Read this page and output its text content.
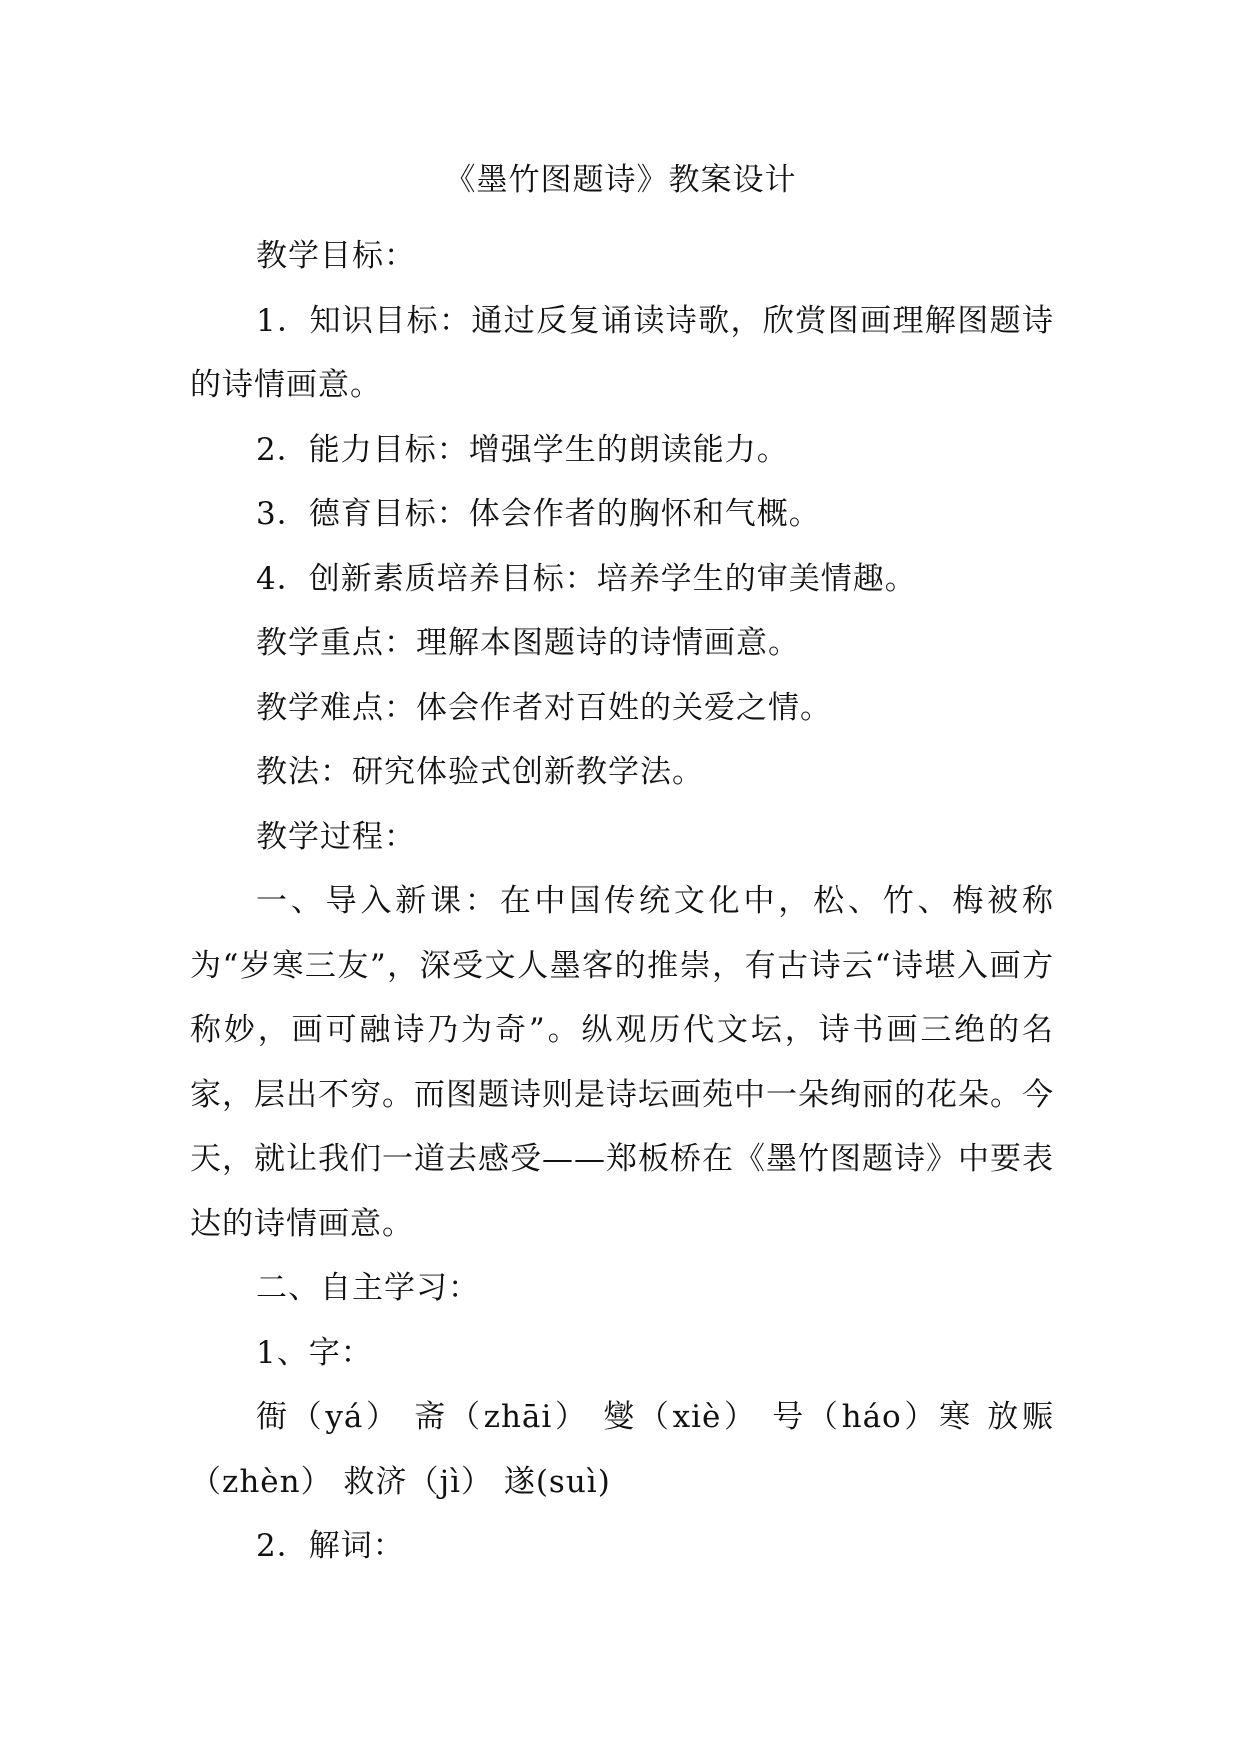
《墨竹图题诗》教案设计

教学目标：

1．知识目标：通过反复诵读诗歌，欣赏图画理解图题诗的诗情画意。

2．能力目标：增强学生的朗读能力。

3．德育目标：体会作者的胸怀和气概。

4．创新素质培养目标：培养学生的审美情趣。

教学重点：理解本图题诗的诗情画意。

教学难点：体会作者对百姓的关爱之情。

教法：研究体验式创新教学法。

教学过程：

一、导入新课：在中国传统文化中，松、竹、梅被称为“岁寒三友”，深受文人墨客的推崇，有古诗云“诗堪入画方称妙，画可融诗乃为奇”。纵观历代文坛，诗书画三绝的名家，层出不穷。而图题诗则是诗坛画苑中一朵绚丽的花朵。今天，就让我们一道去感受——郑板桥在《墨竹图题诗》中要表达的诗情画意。

二、自主学习：

1、字：

衙（yá） 斋（zhāi） 燮（xiè） 号（háo）寒 放赈（zhèn） 救济（jì） 遂(suì)

2．解词：
